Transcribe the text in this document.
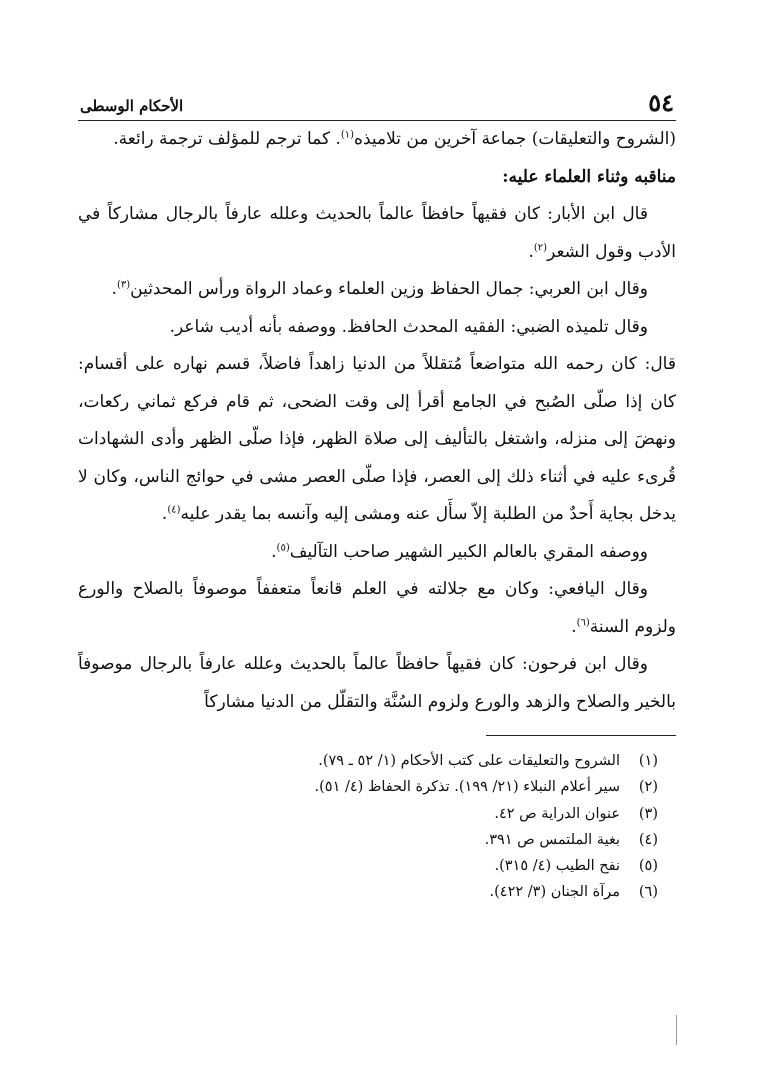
٥٤
الأحكام الوسطى

(الشروح والتعليقات) جماعة آخرين من تلاميذه$^{(١)}$. كما ترجم للمؤلف ترجمة رائعة.

مناقبه وثناء العلماء عليه:

قال ابن الأبار: كان فقيهاً حافظاً عالماً بالحديث وعلله عارفاً بالرجال مشاركاً في الأدب وقول الشعر$^{(٢)}$.

وقال ابن العربي: جمال الحفاظ وزين العلماء وعماد الرواة ورأس المحدثين$^{(٣)}$.

وقال تلميذه الضبي: الفقيه المحدث الحافظ. ووصفه بأنه أديب شاعر.

قال: كان رحمه الله متواضعاً مُتقللاً من الدنيا زاهداً فاضلاً، قسم نهاره على أقسام: كان إذا صلّى الصُبح في الجامع أقرأ إلى وقت الضحى، ثم قام فركع ثماني ركعات، ونهضَ إلى منزله، واشتغل بالتأليف إلى صلاة الظهر، فإذا صلّى الظهر وأدى الشهادات قُرىء عليه في أثناء ذلك إلى العصر، فإذا صلّى العصر مشى في حوائج الناس، وكان لا يدخل بجاية أَحدٌ من الطلبة إلاّ سأَل عنه ومشى إليه وآنسه بما يقدر عليه$^{(٤)}$.

ووصفه المقري بالعالم الكبير الشهير صاحب التآليف$^{(٥)}$.

وقال اليافعي: وكان مع جلالته في العلم قانعاً متعففاً موصوفاً بالصلاح والورع ولزوم السنة$^{(٦)}$.

وقال ابن فرحون: كان فقيهاً حافظاً عالماً بالحديث وعلله عارفاً بالرجال موصوفاً بالخير والصلاح والزهد والورع ولزوم السُنَّة والتقلّل من الدنيا مشاركاً

(١)
الشروح والتعليقات على كتب الأحكام (١/ ٥٢ ـ ٧٩).
(٢)
سير أعلام النبلاء (٢١/ ١٩٩). تذكرة الحفاظ (٤/ ٥١).
(٣)
عنوان الدراية ص ٤٢.
(٤)
بغية الملتمس ص ٣٩١.
(٥)
نفح الطيب (٤/ ٣١٥).
(٦)
مرآة الجنان (٣/ ٤٢٢).
